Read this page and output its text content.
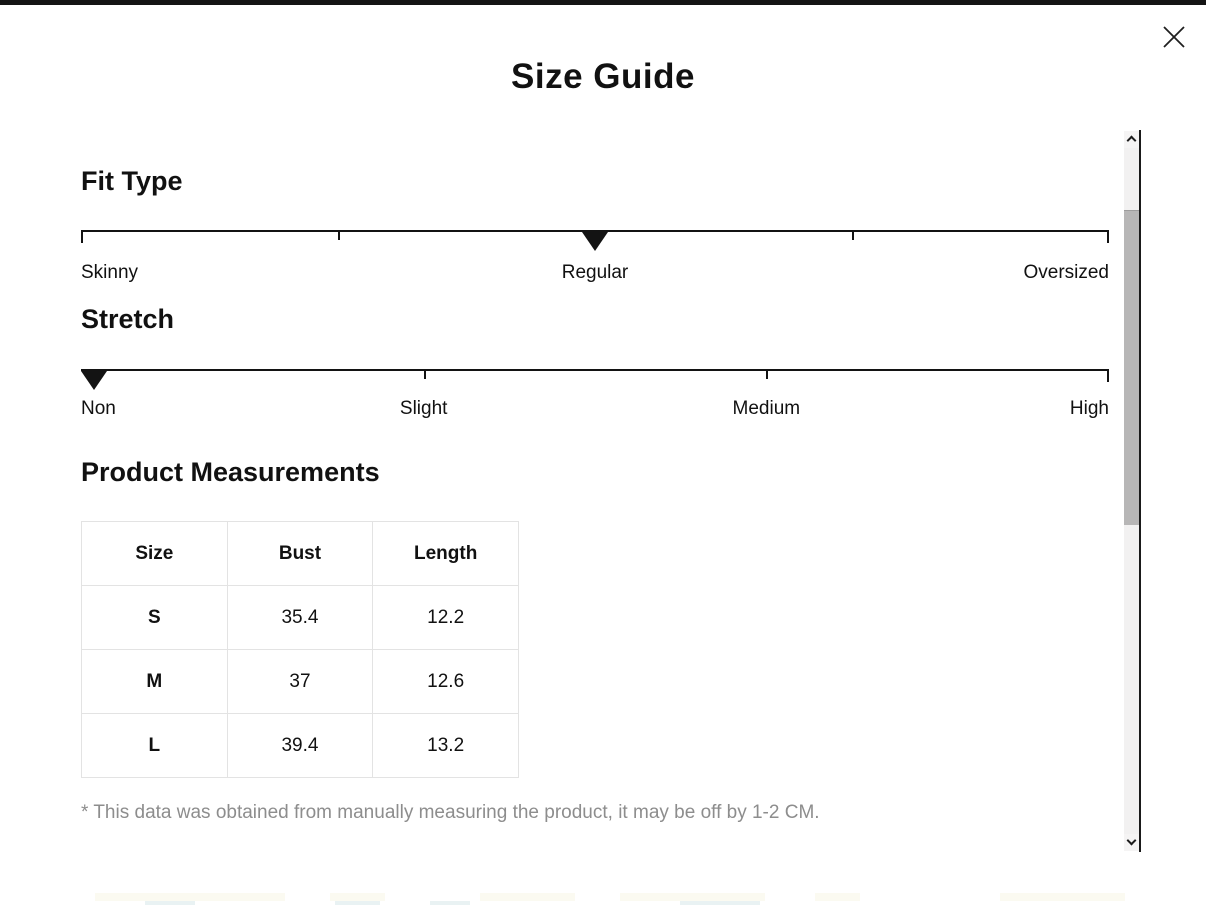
Size Guide
Fit Type
Skinny	Regular	Oversized
Stretch
Non	Slight	Medium	High
Product Measurements
Size	Bust	Length
S	35.4	12.2
M	37	12.6
L	39.4	13.2

* This data was obtained from manually measuring the product, it may be off by 1-2 CM.
